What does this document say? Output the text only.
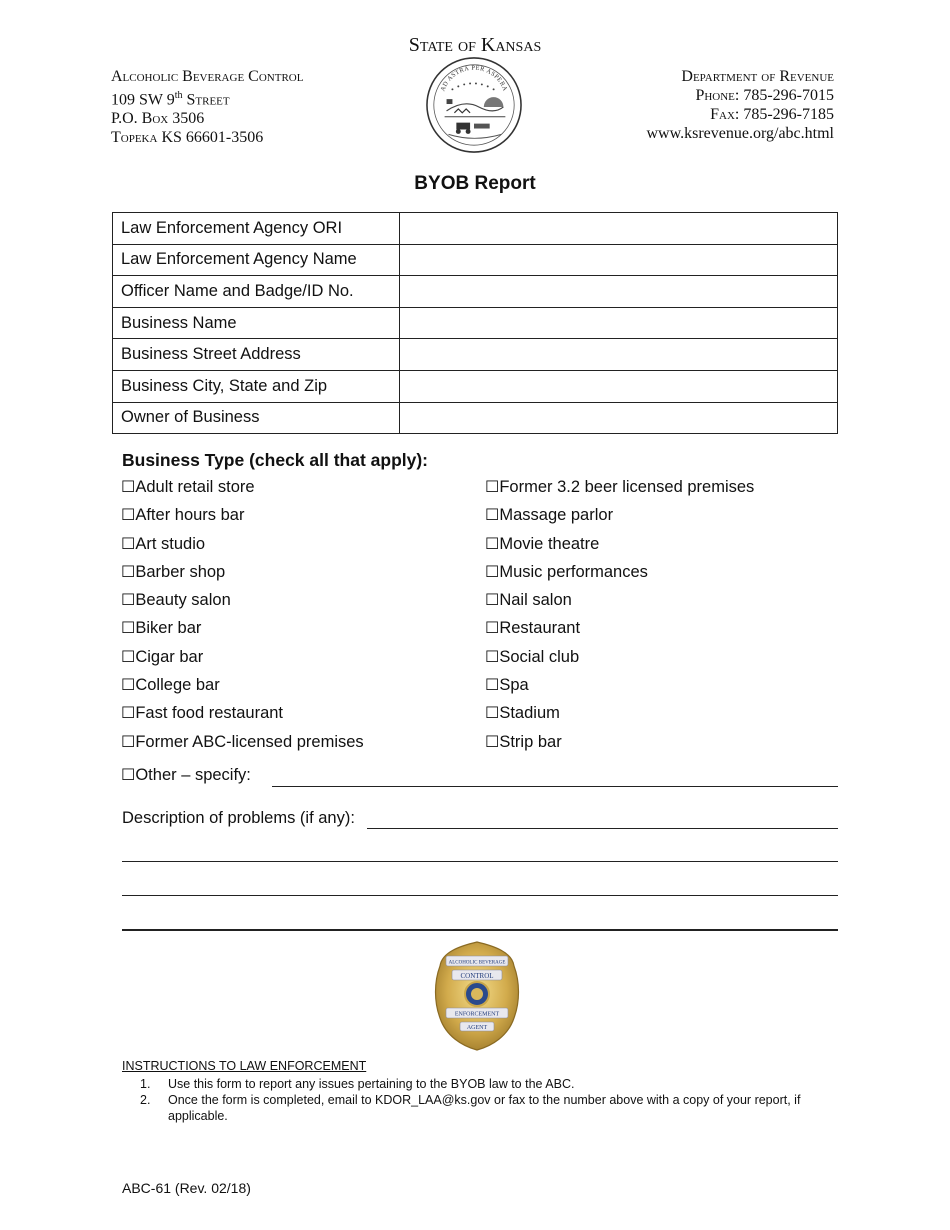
State of Kansas
Alcoholic Beverage Control
109 SW 9th Street
P.O. Box 3506
Topeka KS 66601-3506
AD ASTRA PER ASPERA
Department of Revenue
Phone: 785-296-7015
Fax: 785-296-7185
www.ksrevenue.org/abc.html
BYOB Report
Law Enforcement Agency ORI	
Law Enforcement Agency Name	
Officer Name and Badge/ID No.	
Business Name	
Business Street Address	
Business City, State and Zip	
Owner of Business	
Business Type (check all that apply):
☐Adult retail store
☐After hours bar
☐Art studio
☐Barber shop
☐Beauty salon
☐Biker bar
☐Cigar bar
☐College bar
☐Fast food restaurant
☐Former ABC-licensed premises
☐Former 3.2 beer licensed premises
☐Massage parlor
☐Movie theatre
☐Music performances
☐Nail salon
☐Restaurant
☐Social club
☐Spa
☐Stadium
☐Strip bar
☐Other – specify:
Description of problems (if any):
ALCOHOLIC BEVERAGE
CONTROL
ENFORCEMENT
AGENT
INSTRUCTIONS TO LAW ENFORCEMENT
1.	Use this form to report any issues pertaining to the BYOB law to the ABC.
2.	Once the form is completed, email to KDOR_LAA@ks.gov or fax to the number above with a copy of your report, if applicable.
ABC-61 (Rev. 02/18)
